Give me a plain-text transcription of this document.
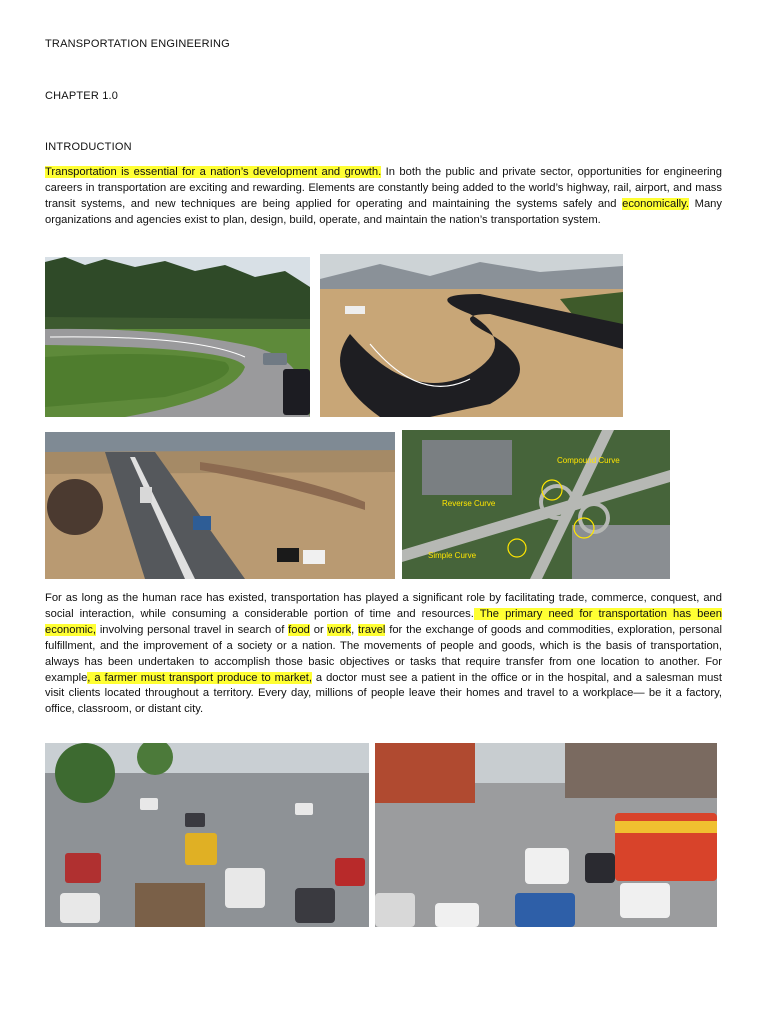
TRANSPORTATION ENGINEERING
CHAPTER 1.0
INTRODUCTION
Transportation is essential for a nation’s development and growth. In both the public and private sector, opportunities for engineering careers in transportation are exciting and rewarding. Elements are constantly being added to the world’s highway, rail, airport, and mass transit systems, and new techniques are being applied for operating and maintaining the systems safely and economically. Many organizations and agencies exist to plan, design, build, operate, and maintain the nation’s transportation system.
Compound Curve
Reverse Curve
Simple Curve
For as long as the human race has existed, transportation has played a significant role by facilitating trade, commerce, conquest, and social interaction, while consuming a considerable portion of time and resources. The primary need for transportation has been economic, involving personal travel in search of food or work, travel for the exchange of goods and commodities, exploration, personal fulfillment, and the improvement of a society or a nation. The movements of people and goods, which is the basis of transportation, always has been undertaken to accomplish those basic objectives or tasks that require transfer from one location to another. For example, a farmer must transport produce to market, a doctor must see a patient in the office or in the hospital, and a salesman must visit clients located throughout a territory. Every day, millions of people leave their homes and travel to a workplace— be it a factory, office, classroom, or distant city.
